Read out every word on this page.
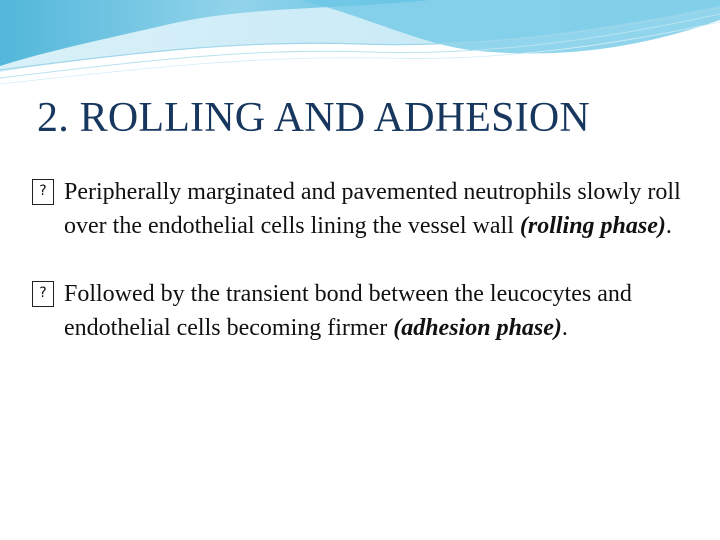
2. ROLLING AND ADHESION
? Peripherally marginated and pavemented neutrophils slowly roll over the endothelial cells lining the vessel wall (rolling phase).
? Followed by the transient bond between the leucocytes and endothelial cells becoming firmer (adhesion phase).
